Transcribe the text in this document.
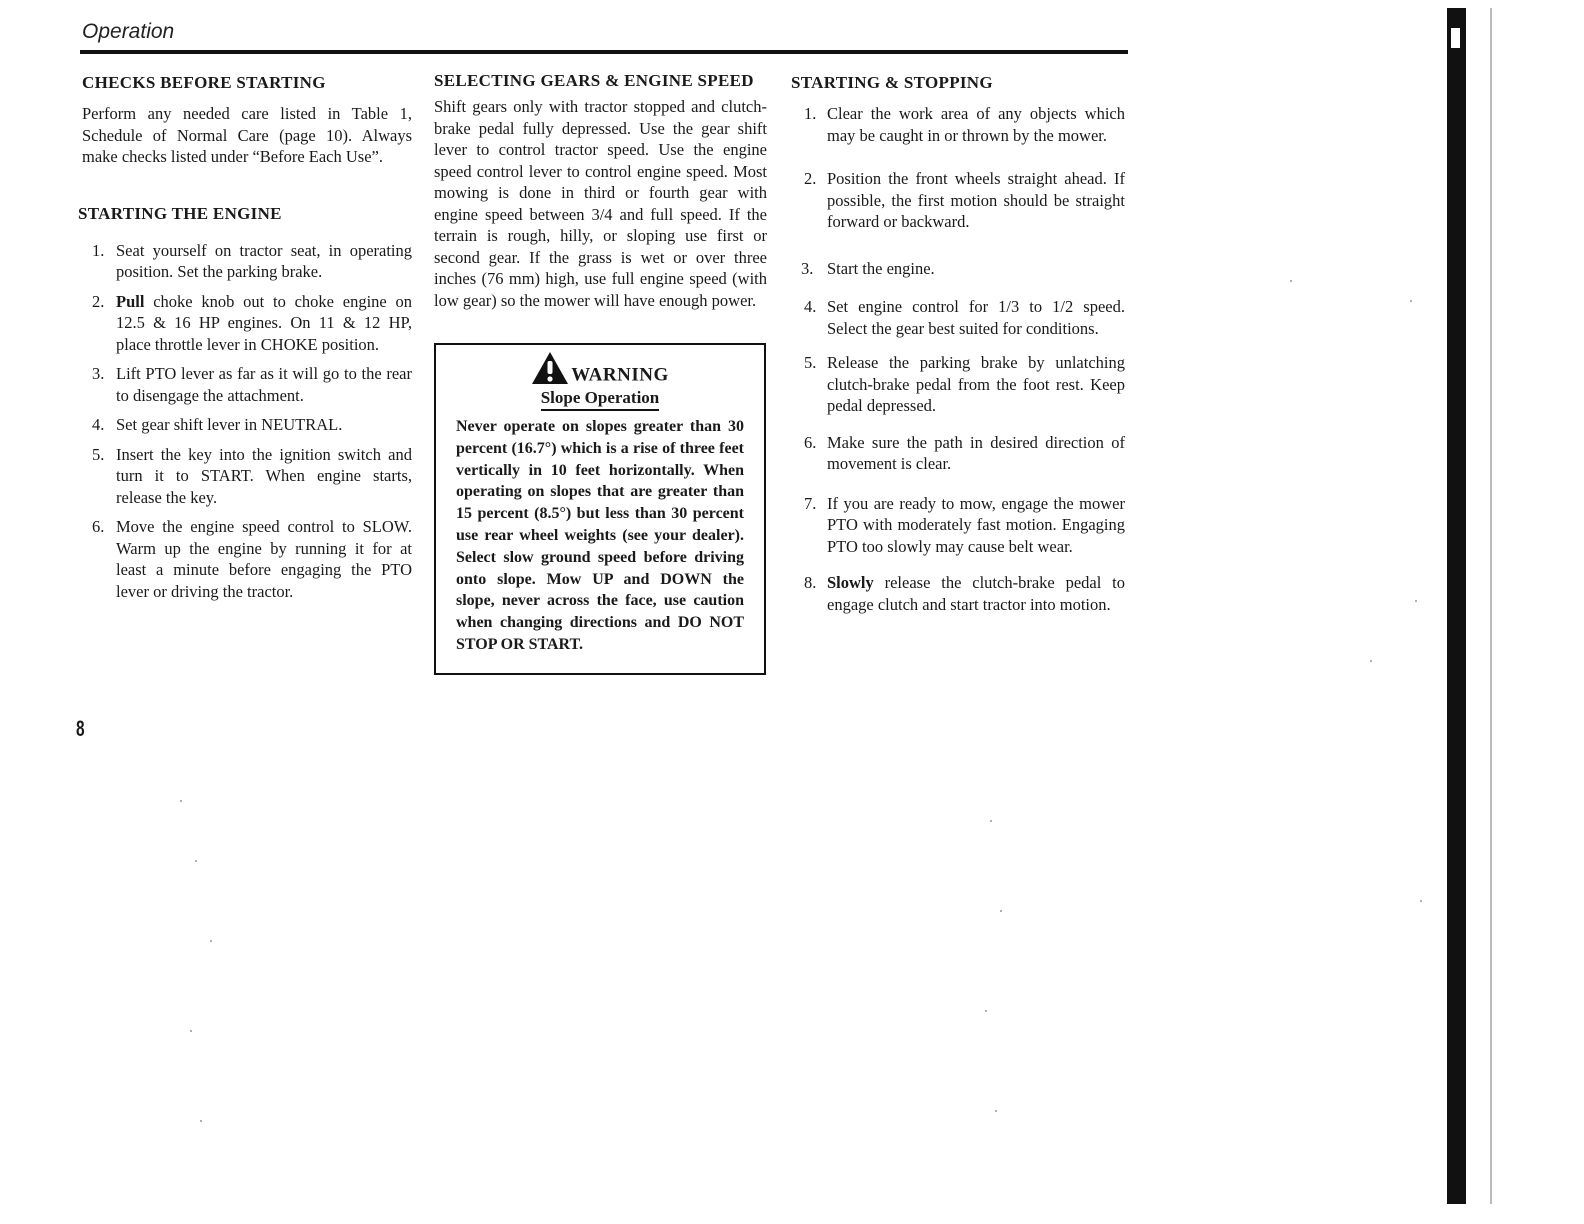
Operation
CHECKS BEFORE STARTING

Perform any needed care listed in Table 1, Schedule of Normal Care (page 10). Always make checks listed under “Before Each Use”.

STARTING THE ENGINE
1. Seat yourself on tractor seat, in operating position. Set the parking brake.
2. Pull choke knob out to choke engine on 12.5 & 16 HP engines. On 11 & 12 HP, place throttle lever in CHOKE position.
3. Lift PTO lever as far as it will go to the rear to disengage the attachment.
4. Set gear shift lever in NEUTRAL.
5. Insert the key into the ignition switch and turn it to START. When engine starts, release the key.
6. Move the engine speed control to SLOW. Warm up the engine by running it for at least a minute before engaging the PTO lever or driving the tractor.
SELECTING GEARS & ENGINE SPEED

Shift gears only with tractor stopped and clutch-brake pedal fully depressed. Use the gear shift lever to control tractor speed. Use the engine speed control lever to control engine speed. Most mowing is done in third or fourth gear with engine speed between 3/4 and full speed. If the terrain is rough, hilly, or sloping use first or second gear. If the grass is wet or over three inches (76 mm) high, use full engine speed (with low gear) so the mower will have enough power.

WARNING
Slope Operation

Never operate on slopes greater than 30 percent (16.7°) which is a rise of three feet vertically in 10 feet horizontally. When operating on slopes that are greater than 15 percent (8.5°) but less than 30 percent use rear wheel weights (see your dealer). Select slow ground speed before driving onto slope. Mow UP and DOWN the slope, never across the face, use caution when changing directions and DO NOT STOP OR START.

STARTING & STOPPING
1. Clear the work area of any objects which may be caught in or thrown by the mower.
2. Position the front wheels straight ahead. If possible, the first motion should be straight forward or backward.
3. Start the engine.
4. Set engine control for 1/3 to 1/2 speed. Select the gear best suited for conditions.
5. Release the parking brake by unlatching clutch-brake pedal from the foot rest. Keep pedal depressed.
6. Make sure the path in desired direction of movement is clear.
7. If you are ready to mow, engage the mower PTO with moderately fast motion. Engaging PTO too slowly may cause belt wear.
8. Slowly release the clutch-brake pedal to engage clutch and start tractor into motion.
8
